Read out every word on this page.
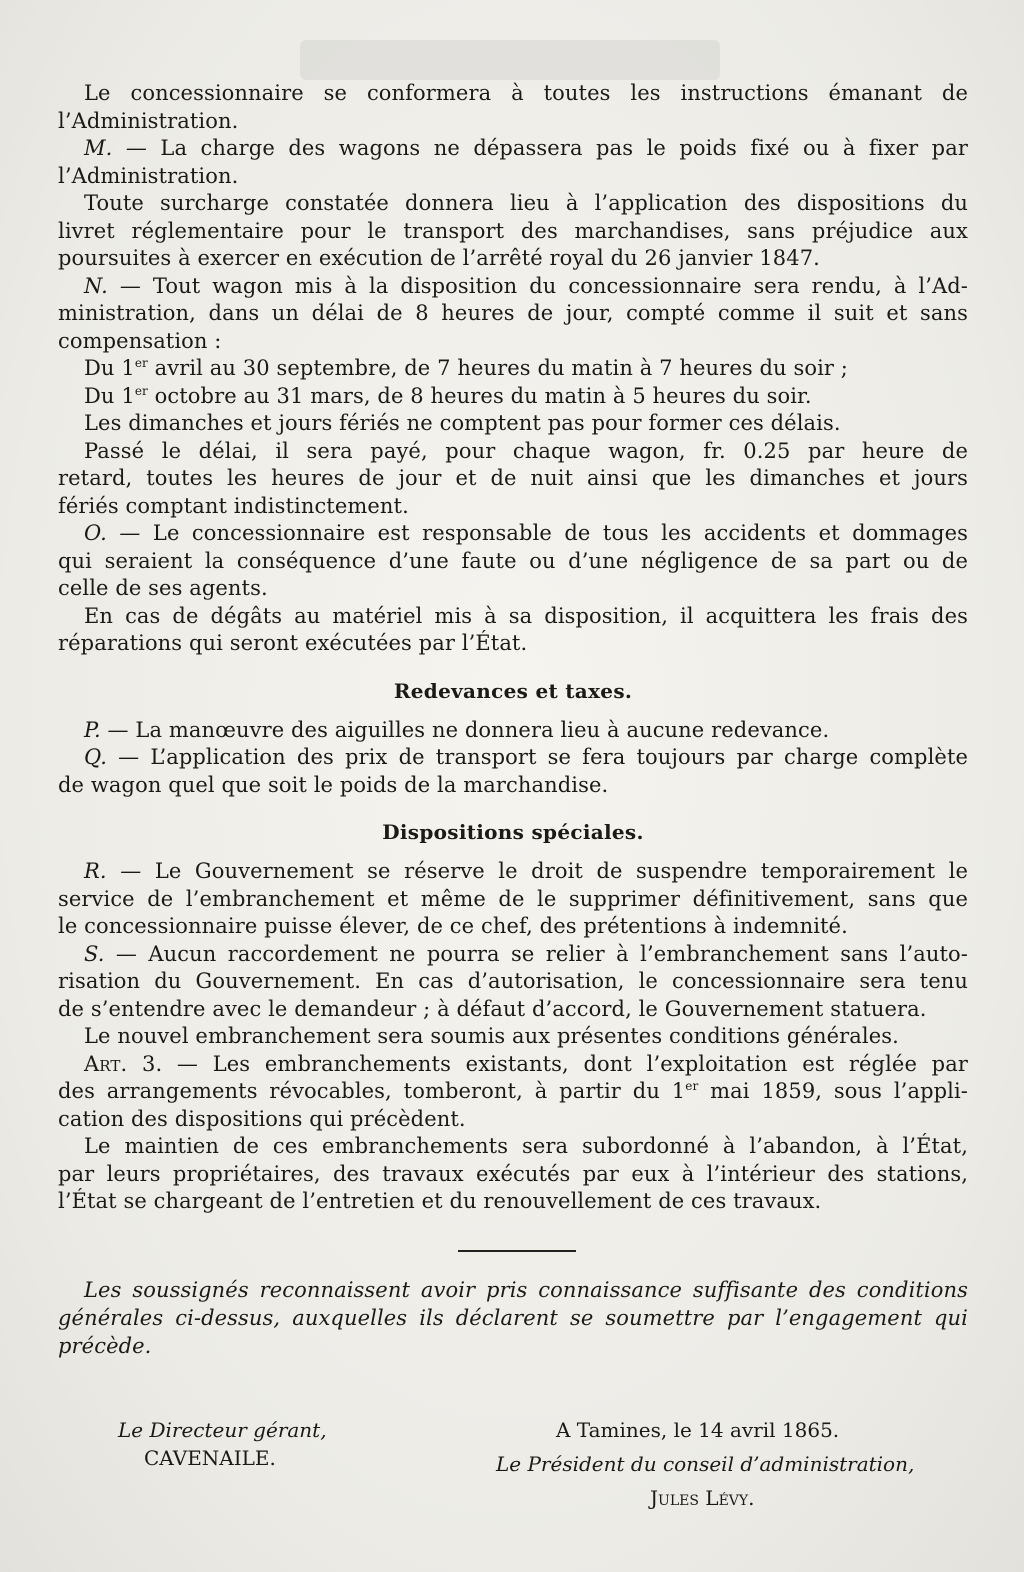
Le concessionnaire se conformera à toutes les instructions émanant de
l’Administration.
M. — La charge des wagons ne dépassera pas le poids fixé ou à fixer par
l’Administration.
Toute surcharge constatée donnera lieu à l’application des dispositions du
livret réglementaire pour le transport des marchandises, sans préjudice aux
poursuites à exercer en exécution de l’arrêté royal du 26 janvier 1847.
N. — Tout wagon mis à la disposition du concessionnaire sera rendu, à l’Ad-
ministration, dans un délai de 8 heures de jour, compté comme il suit et sans
compensation :
Du 1er avril au 30 septembre, de 7 heures du matin à 7 heures du soir ;
Du 1er octobre au 31 mars, de 8 heures du matin à 5 heures du soir.
Les dimanches et jours fériés ne comptent pas pour former ces délais.
Passé le délai, il sera payé, pour chaque wagon, fr. 0.25 par heure de
retard, toutes les heures de jour et de nuit ainsi que les dimanches et jours
fériés comptant indistinctement.
O. — Le concessionnaire est responsable de tous les accidents et dommages
qui seraient la conséquence d’une faute ou d’une négligence de sa part ou de
celle de ses agents.
En cas de dégâts au matériel mis à sa disposition, il acquittera les frais des
réparations qui seront exécutées par l’État.
Redevances et taxes.
P. — La manœuvre des aiguilles ne donnera lieu à aucune redevance.
Q. — L’application des prix de transport se fera toujours par charge complète
de wagon quel que soit le poids de la marchandise.
Dispositions spéciales.
R. — Le Gouvernement se réserve le droit de suspendre temporairement le
service de l’embranchement et même de le supprimer définitivement, sans que
le concessionnaire puisse élever, de ce chef, des prétentions à indemnité.
S. — Aucun raccordement ne pourra se relier à l’embranchement sans l’auto-
risation du Gouvernement. En cas d’autorisation, le concessionnaire sera tenu
de s’entendre avec le demandeur ; à défaut d’accord, le Gouvernement statuera.
Le nouvel embranchement sera soumis aux présentes conditions générales.
Art. 3. — Les embranchements existants, dont l’exploitation est réglée par
des arrangements révocables, tomberont, à partir du 1er mai 1859, sous l’appli-
cation des dispositions qui précèdent.
Le maintien de ces embranchements sera subordonné à l’abandon, à l’État,
par leurs propriétaires, des travaux exécutés par eux à l’intérieur des stations,
l’État se chargeant de l’entretien et du renouvellement de ces travaux.
Les soussignés reconnaissent avoir pris connaissance suffisante des conditions
générales ci-dessus, auxquelles ils déclarent se soumettre par l’engagement qui
précède.
Le Directeur gérant,
CAVENAILE.
A Tamines, le 14 avril 1865.
Le Président du conseil d’administration,
Jules Lévy.
